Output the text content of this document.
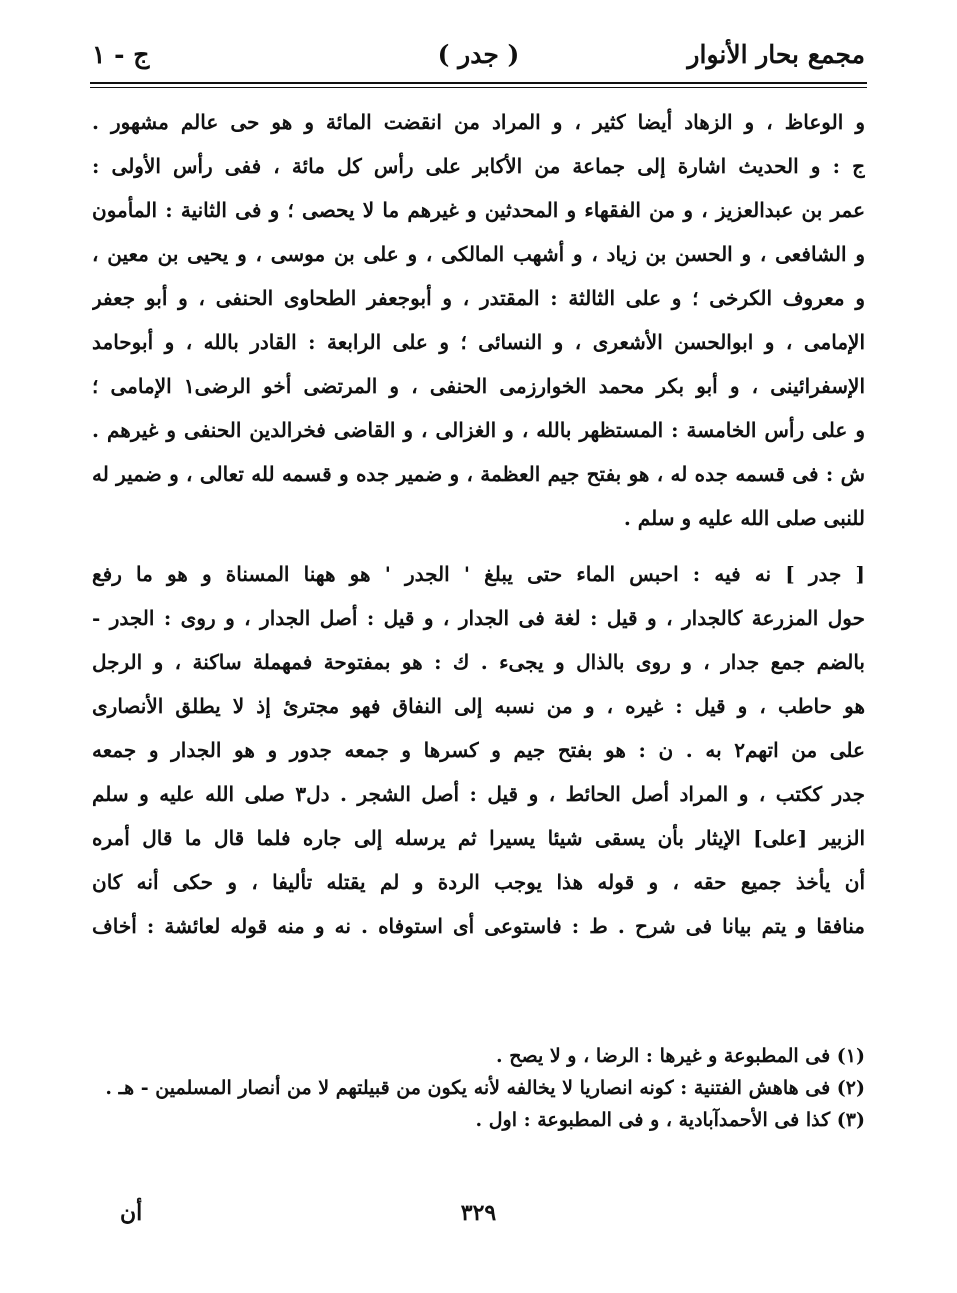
مجمع بحار الأنوار
( جدر )
ج - ١
و الوعاظ ، و الزهاد أيضا كثير ، و المراد من انقضت المائة و هو حى عالم مشهور .
ج : و الحديث اشارة إلى جماعة من الأكابر على رأس كل مائة ، ففى رأس الأولى :
عمر بن عبدالعزيز ، و من الفقهاء و المحدثين و غيرهم ما لا يحصى ؛ و فى الثانية : المأمون
و الشافعى ، و الحسن بن زياد ، و أشهب المالكى ، و على بن موسى ، و يحيى بن معين ،
و معروف الكرخى ؛ و على الثالثة : المقتدر ، و أبوجعفر الطحاوى الحنفى ، و أبو جعفر
الإمامى ، و ابوالحسن الأشعرى ، و النسائى ؛ و على الرابعة : القادر بالله ، و أبوحامد
الإسفرائينى ، و أبو بكر محمد الخوارزمى الحنفى ، و المرتضى أخو الرضى١ الإمامى ؛
و على رأس الخامسة : المستظهر بالله ، و الغزالى ، و القاضى فخرالدين الحنفى و غيرهم .
ش : فى قسمه جده له ، هو بفتح جيم العظمة ، و ضمير جده و قسمه لله تعالى ، و ضمير له
للنبى صلى الله عليه و سلم .
[ جدر ] نه فيه : احبس الماء حتى يبلغ ' الجدر ' هو ههنا المسناة و هو ما رفع
حول المزرعة كالجدار ، و قيل : لغة فى الجدار ، و قيل : أصل الجدار ، و روى : الجدر -
بالضم جمع جدار ، و روى بالذال و يجىء . ك : هو بمفتوحة فمهملة ساكنة ، و الرجل
هو حاطب ، و قيل : غيره ، و من نسبه إلى النفاق فهو مجترئ إذ لا يطلق الأنصارى
على من اتهم٢ به . ن : هو بفتح جيم و كسرها و جمعه جدور و هو الجدار و جمعه
جدر ككتب ، و المراد أصل الحائط ، و قيل : أصل الشجر . دل٣ صلى الله عليه و سلم
الزبير [على] الإيثار بأن يسقى شيئا يسيرا ثم يرسله إلى جاره فلما قال ما قال أمره
أن يأخذ جميع حقه ، و قوله هذا يوجب الردة و لم يقتله تأليفا ، و حكى أنه كان
منافقا و يتم بيانا فى شرح . ط : فاستوعى أى استوفاه . نه و منه قوله لعائشة : أخاف
(١) فى المطبوعة و غيرها : الرضا ، و لا يصح .
(٢) فى هاهش الفتنية : كونه انصاريا لا يخالفه لأنه يكون من قبيلتهم لا من أنصار المسلمين - هـ .
(٣) كذا فى الأحمدآبادية ، و فى المطبوعة : اول .
٣٢٩
أن
